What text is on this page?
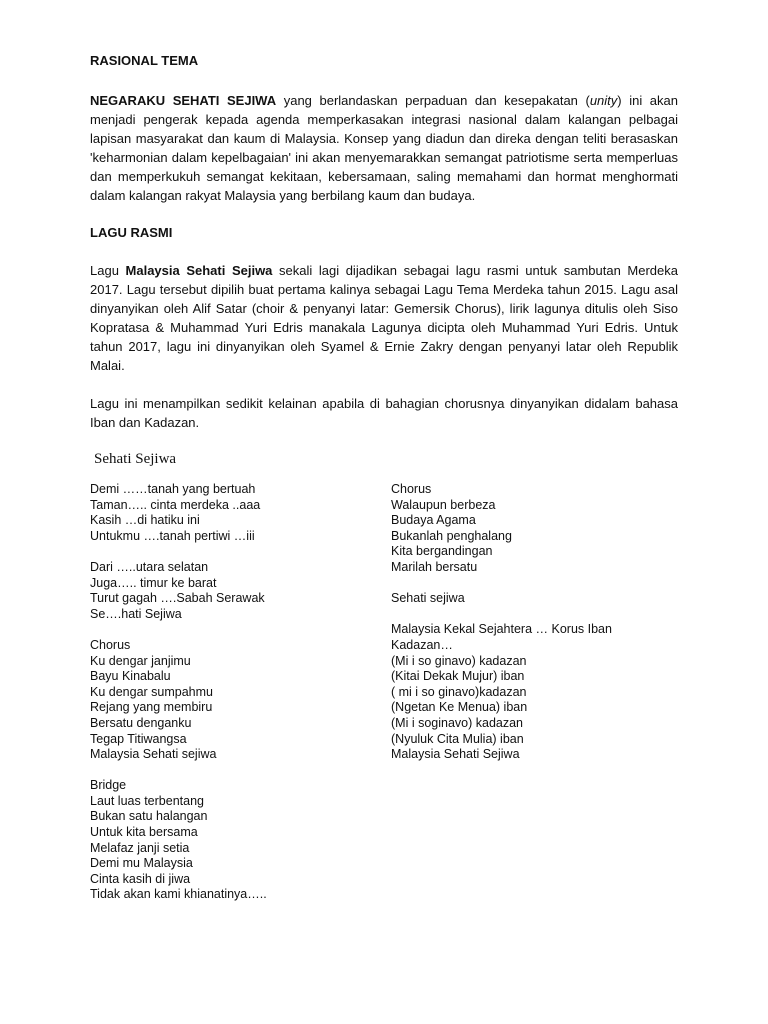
RASIONAL TEMA

NEGARAKU SEHATI SEJIWA yang berlandaskan perpaduan dan kesepakatan (unity) ini akan menjadi pengerak kepada agenda memperkasakan integrasi nasional dalam kalangan pelbagai lapisan masyarakat dan kaum di Malaysia. Konsep yang diadun dan direka dengan teliti berasaskan 'keharmonian dalam kepelbagaian' ini akan menyemarakkan semangat patriotisme serta memperluas dan memperkukuh semangat kekitaan, kebersamaan, saling memahami dan hormat menghormati dalam kalangan rakyat Malaysia yang berbilang kaum dan budaya.

LAGU RASMI

Lagu Malaysia Sehati Sejiwa sekali lagi dijadikan sebagai lagu rasmi untuk sambutan Merdeka 2017. Lagu tersebut dipilih buat pertama kalinya sebagai Lagu Tema Merdeka tahun 2015. Lagu asal dinyanyikan oleh Alif Satar (choir & penyanyi latar: Gemersik Chorus), lirik lagunya ditulis oleh Siso Kopratasa & Muhammad Yuri Edris manakala Lagunya dicipta oleh Muhammad Yuri Edris. Untuk tahun 2017, lagu ini dinyanyikan oleh Syamel & Ernie Zakry dengan penyanyi latar oleh Republik Malai.

Lagu ini menampilkan sedikit kelainan apabila di bahagian chorusnya dinyanyikan didalam bahasa Iban dan Kadazan.

Sehati Sejiwa
Demi ……tanah yang bertuah
Taman….. cinta merdeka ..aaa
Kasih …di hatiku ini
Untukmu ….tanah pertiwi …iii
Dari …..utara selatan
Juga….. timur ke barat
Turut gagah ….Sabah Serawak
Se….hati Sejiwa
Chorus
Ku dengar janjimu
Bayu Kinabalu
Ku dengar sumpahmu
Rejang yang membiru
Bersatu denganku
Tegap Titiwangsa
Malaysia Sehati sejiwa
Bridge
Laut luas terbentang
Bukan satu halangan
Untuk kita bersama
Melafaz janji setia
Demi mu Malaysia
Cinta kasih di jiwa
Tidak akan kami khianatinya…..
Chorus
Walaupun berbeza
Budaya Agama
Bukanlah penghalang
Kita bergandingan
Marilah bersatu
Sehati sejiwa
Malaysia Kekal Sejahtera … Korus Iban
Kadazan…
(Mi i so ginavo) kadazan
(Kitai Dekak Mujur) iban
( mi i so ginavo)kadazan
(Ngetan Ke Menua) iban
(Mi i soginavo) kadazan
(Nyuluk Cita Mulia) iban
Malaysia Sehati Sejiwa
